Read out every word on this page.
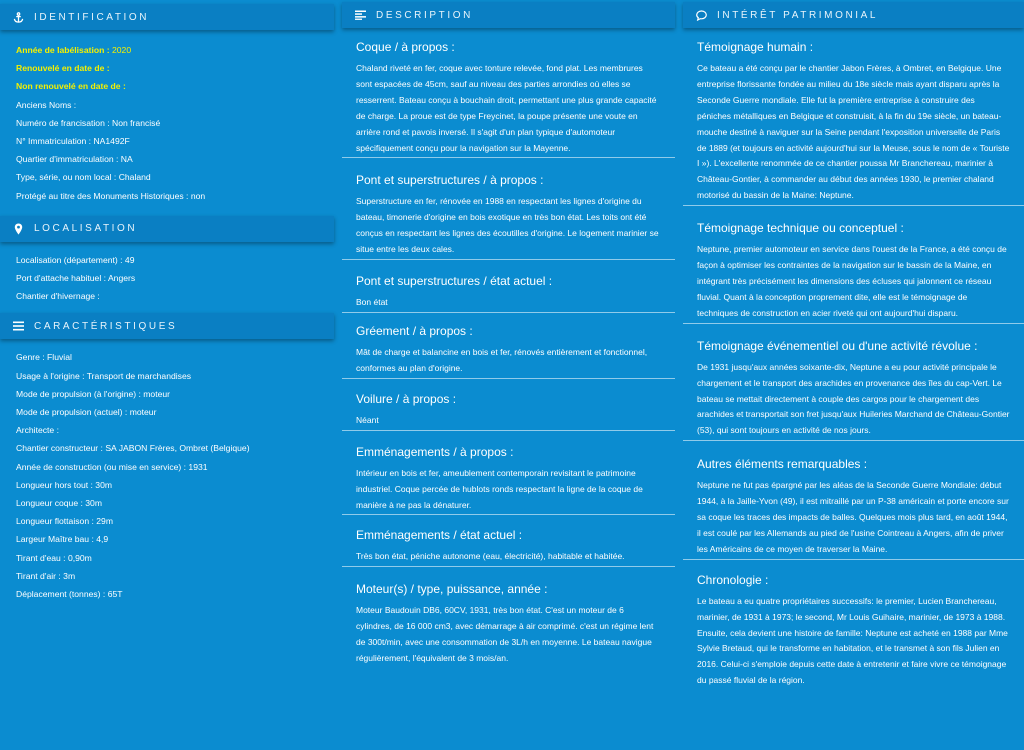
IDENTIFICATION
Année de labélisation : 2020
Renouvelé en date de :
Non renouvelé en date de :
Anciens Noms :
Numéro de francisation : Non francisé
N° Immatriculation : NA1492F
Quartier d'immatriculation : NA
Type, série, ou nom local : Chaland
Protégé au titre des Monuments Historiques : non
LOCALISATION
Localisation (département) : 49
Port d'attache habituel : Angers
Chantier d'hivernage :
CARACTÉRISTIQUES
Genre : Fluvial
Usage à l'origine : Transport de marchandises
Mode de propulsion (à l'origine) : moteur
Mode de propulsion (actuel) : moteur
Architecte :
Chantier constructeur : SA JABON Frères, Ombret (Belgique)
Année de construction (ou mise en service) : 1931
Longueur hors tout : 30m
Longueur coque : 30m
Longueur flottaison : 29m
Largeur Maître bau : 4,9
Tirant d'eau : 0,90m
Tirant d'air : 3m
Déplacement (tonnes) : 65T
DESCRIPTION
Coque / à propos :
Chaland riveté en fer, coque avec tonture relevée, fond plat. Les membrures sont espacées de 45cm, sauf au niveau des parties arrondies où elles se resserrent. Bateau conçu à bouchain droit, permettant une plus grande capacité de charge. La proue est de type Freycinet, la poupe présente une voute en arrière rond et pavois inversé. Il s'agit d'un plan typique d'automoteur spécifiquement conçu pour la navigation sur la Mayenne.
Pont et superstructures / à propos :
Superstructure en fer, rénovée en 1988 en respectant les lignes d'origine du bateau, timonerie d'origine en bois exotique en très bon état. Les toits ont été conçus en respectant les lignes des écoutilles d'origine. Le logement marinier se situe entre les deux cales.
Pont et superstructures / état actuel :
Bon état
Gréement / à propos :
Mât de charge et balancine en bois et fer, rénovés entièrement et fonctionnel, conformes au plan d'origine.
Voilure / à propos :
Néant
Emménagements / à propos :
Intérieur en bois et fer, ameublement contemporain revisitant le patrimoine industriel. Coque percée de hublots ronds respectant la ligne de la coque de manière à ne pas la dénaturer.
Emménagements / état actuel :
Très bon état, péniche autonome (eau, électricité), habitable et habitée.
Moteur(s) / type, puissance, année :
Moteur Baudouin DB6, 60CV, 1931, très bon état. C'est un moteur de 6 cylindres, de 16 000 cm3, avec démarrage à air comprimé. c'est un régime lent de 300t/min, avec une consommation de 3L/h en moyenne. Le bateau navigue régulièrement, l'équivalent de 3 mois/an.
INTÉRÊT PATRIMONIAL
Témoignage humain :
Ce bateau a été conçu par le chantier Jabon Frères, à Ombret, en Belgique. Une entreprise florissante fondée au milieu du 18e siècle mais ayant disparu après la Seconde Guerre mondiale. Elle fut la première entreprise à construire des péniches métalliques en Belgique et construisit, à la fin du 19e siècle, un bateau-mouche destiné à naviguer sur la Seine pendant l'exposition universelle de Paris de 1889 (et toujours en activité aujourd'hui sur la Meuse, sous le nom de « Touriste I »). L'excellente renommée de ce chantier poussa Mr Branchereau, marinier à Château-Gontier, à commander au début des années 1930, le premier chaland motorisé du bassin de la Maine: Neptune.
Témoignage technique ou conceptuel :
Neptune, premier automoteur en service dans l'ouest de la France, a été conçu de façon à optimiser les contraintes de la navigation sur le bassin de la Maine, en intégrant très précisément les dimensions des écluses qui jalonnent ce réseau fluvial. Quant à la conception proprement dite, elle est le témoignage de techniques de construction en acier riveté qui ont aujourd'hui disparu.
Témoignage événementiel ou d'une activité révolue :
De 1931 jusqu'aux années soixante-dix, Neptune a eu pour activité principale le chargement et le transport des arachides en provenance des îles du cap-Vert. Le bateau se mettait directement à couple des cargos pour le chargement des arachides et transportait son fret jusqu'aux Huileries Marchand de Château-Gontier (53), qui sont toujours en activité de nos jours.
Autres éléments remarquables :
Neptune ne fut pas épargné par les aléas de la Seconde Guerre Mondiale: début 1944, à la Jaille-Yvon (49), il est mitraillé par un P-38 américain et porte encore sur sa coque les traces des impacts de balles. Quelques mois plus tard, en août 1944, il est coulé par les Allemands au pied de l'usine Cointreau à Angers, afin de priver les Américains de ce moyen de traverser la Maine.
Chronologie :
Le bateau a eu quatre propriétaires successifs: le premier, Lucien Branchereau, marinier, de 1931 à 1973; le second, Mr Louis Guihaire, marinier, de 1973 à 1988. Ensuite, cela devient une histoire de famille: Neptune est acheté en 1988 par Mme Sylvie Bretaud, qui le transforme en habitation, et le transmet à son fils Julien en 2016. Celui-ci s'emploie depuis cette date à entretenir et faire vivre ce témoignage du passé fluvial de la région.
